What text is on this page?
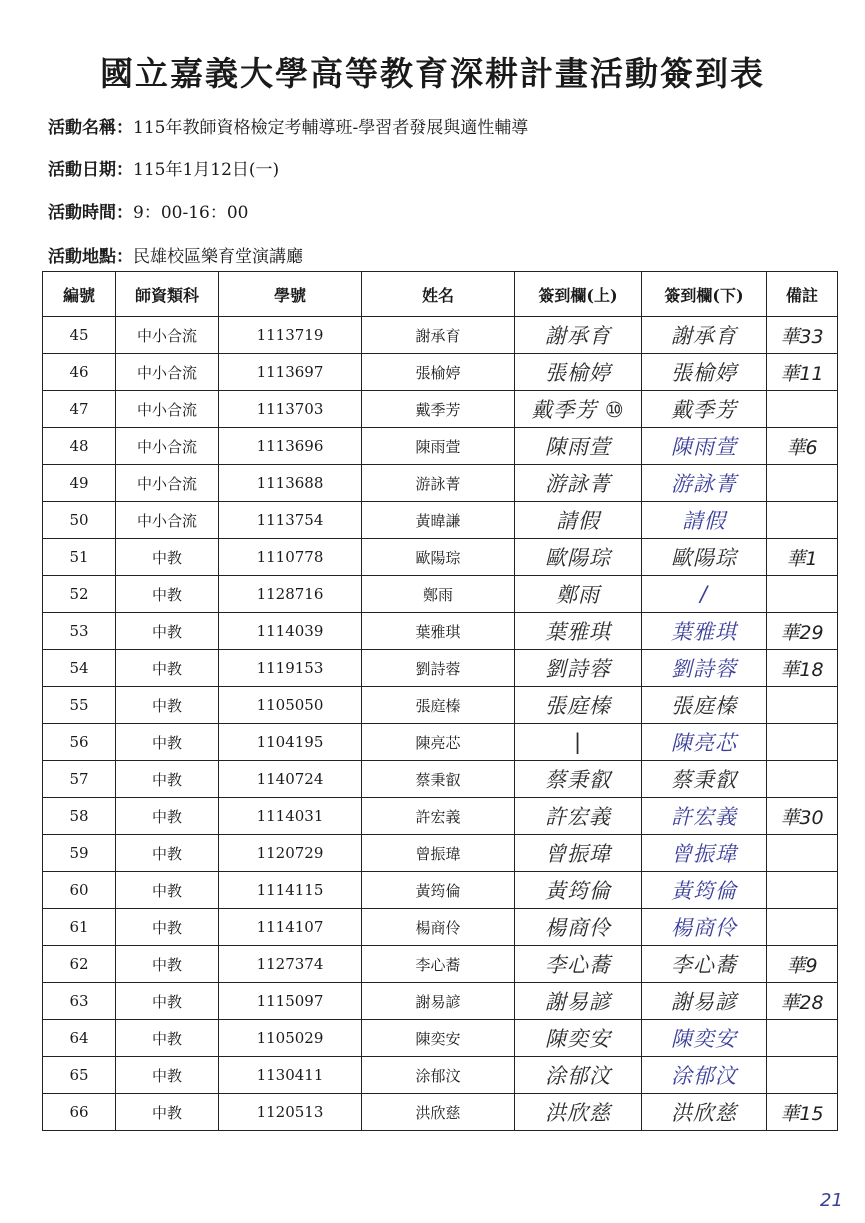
國立嘉義大學高等教育深耕計畫活動簽到表
活動名稱：115年教師資格檢定考輔導班-學習者發展與適性輔導
活動日期：115年1月12日(一)
活動時間：9：00-16：00
活動地點：民雄校區樂育堂演講廳
編號	師資類科	學號	姓名	簽到欄(上)	簽到欄(下)	備註
45	中小合流	1113719	謝承育	謝承育	謝承育	華33
46	中小合流	1113697	張榆婷	張榆婷	張榆婷	華11
47	中小合流	1113703	戴季芳	戴季芳 ⑩	戴季芳	
48	中小合流	1113696	陳雨萱	陳雨萱	陳雨萱	華6
49	中小合流	1113688	游詠菁	游詠菁	游詠菁	
50	中小合流	1113754	黃暐謙	請假	請假	
51	中教	1110778	歐陽琮	歐陽琮	歐陽琮	華1
52	中教	1128716	鄭雨	鄭雨	/	
53	中教	1114039	葉雅琪	葉雅琪	葉雅琪	華29
54	中教	1119153	劉詩蓉	劉詩蓉	劉詩蓉	華18
55	中教	1105050	張庭榛	張庭榛	張庭榛	
56	中教	1104195	陳亮芯	|	陳亮芯	
57	中教	1140724	蔡秉叡	蔡秉叡	蔡秉叡	
58	中教	1114031	許宏義	許宏義	許宏義	華30
59	中教	1120729	曾振瑋	曾振瑋	曾振瑋	
60	中教	1114115	黃筠倫	黃筠倫	黃筠倫	
61	中教	1114107	楊商伶	楊商伶	楊商伶	
62	中教	1127374	李心蕎	李心蕎	李心蕎	華9
63	中教	1115097	謝易諺	謝易諺	謝易諺	華28
64	中教	1105029	陳奕安	陳奕安	陳奕安	
65	中教	1130411	涂郁汶	涂郁汶	涂郁汶	
66	中教	1120513	洪欣慈	洪欣慈	洪欣慈	華15
21
